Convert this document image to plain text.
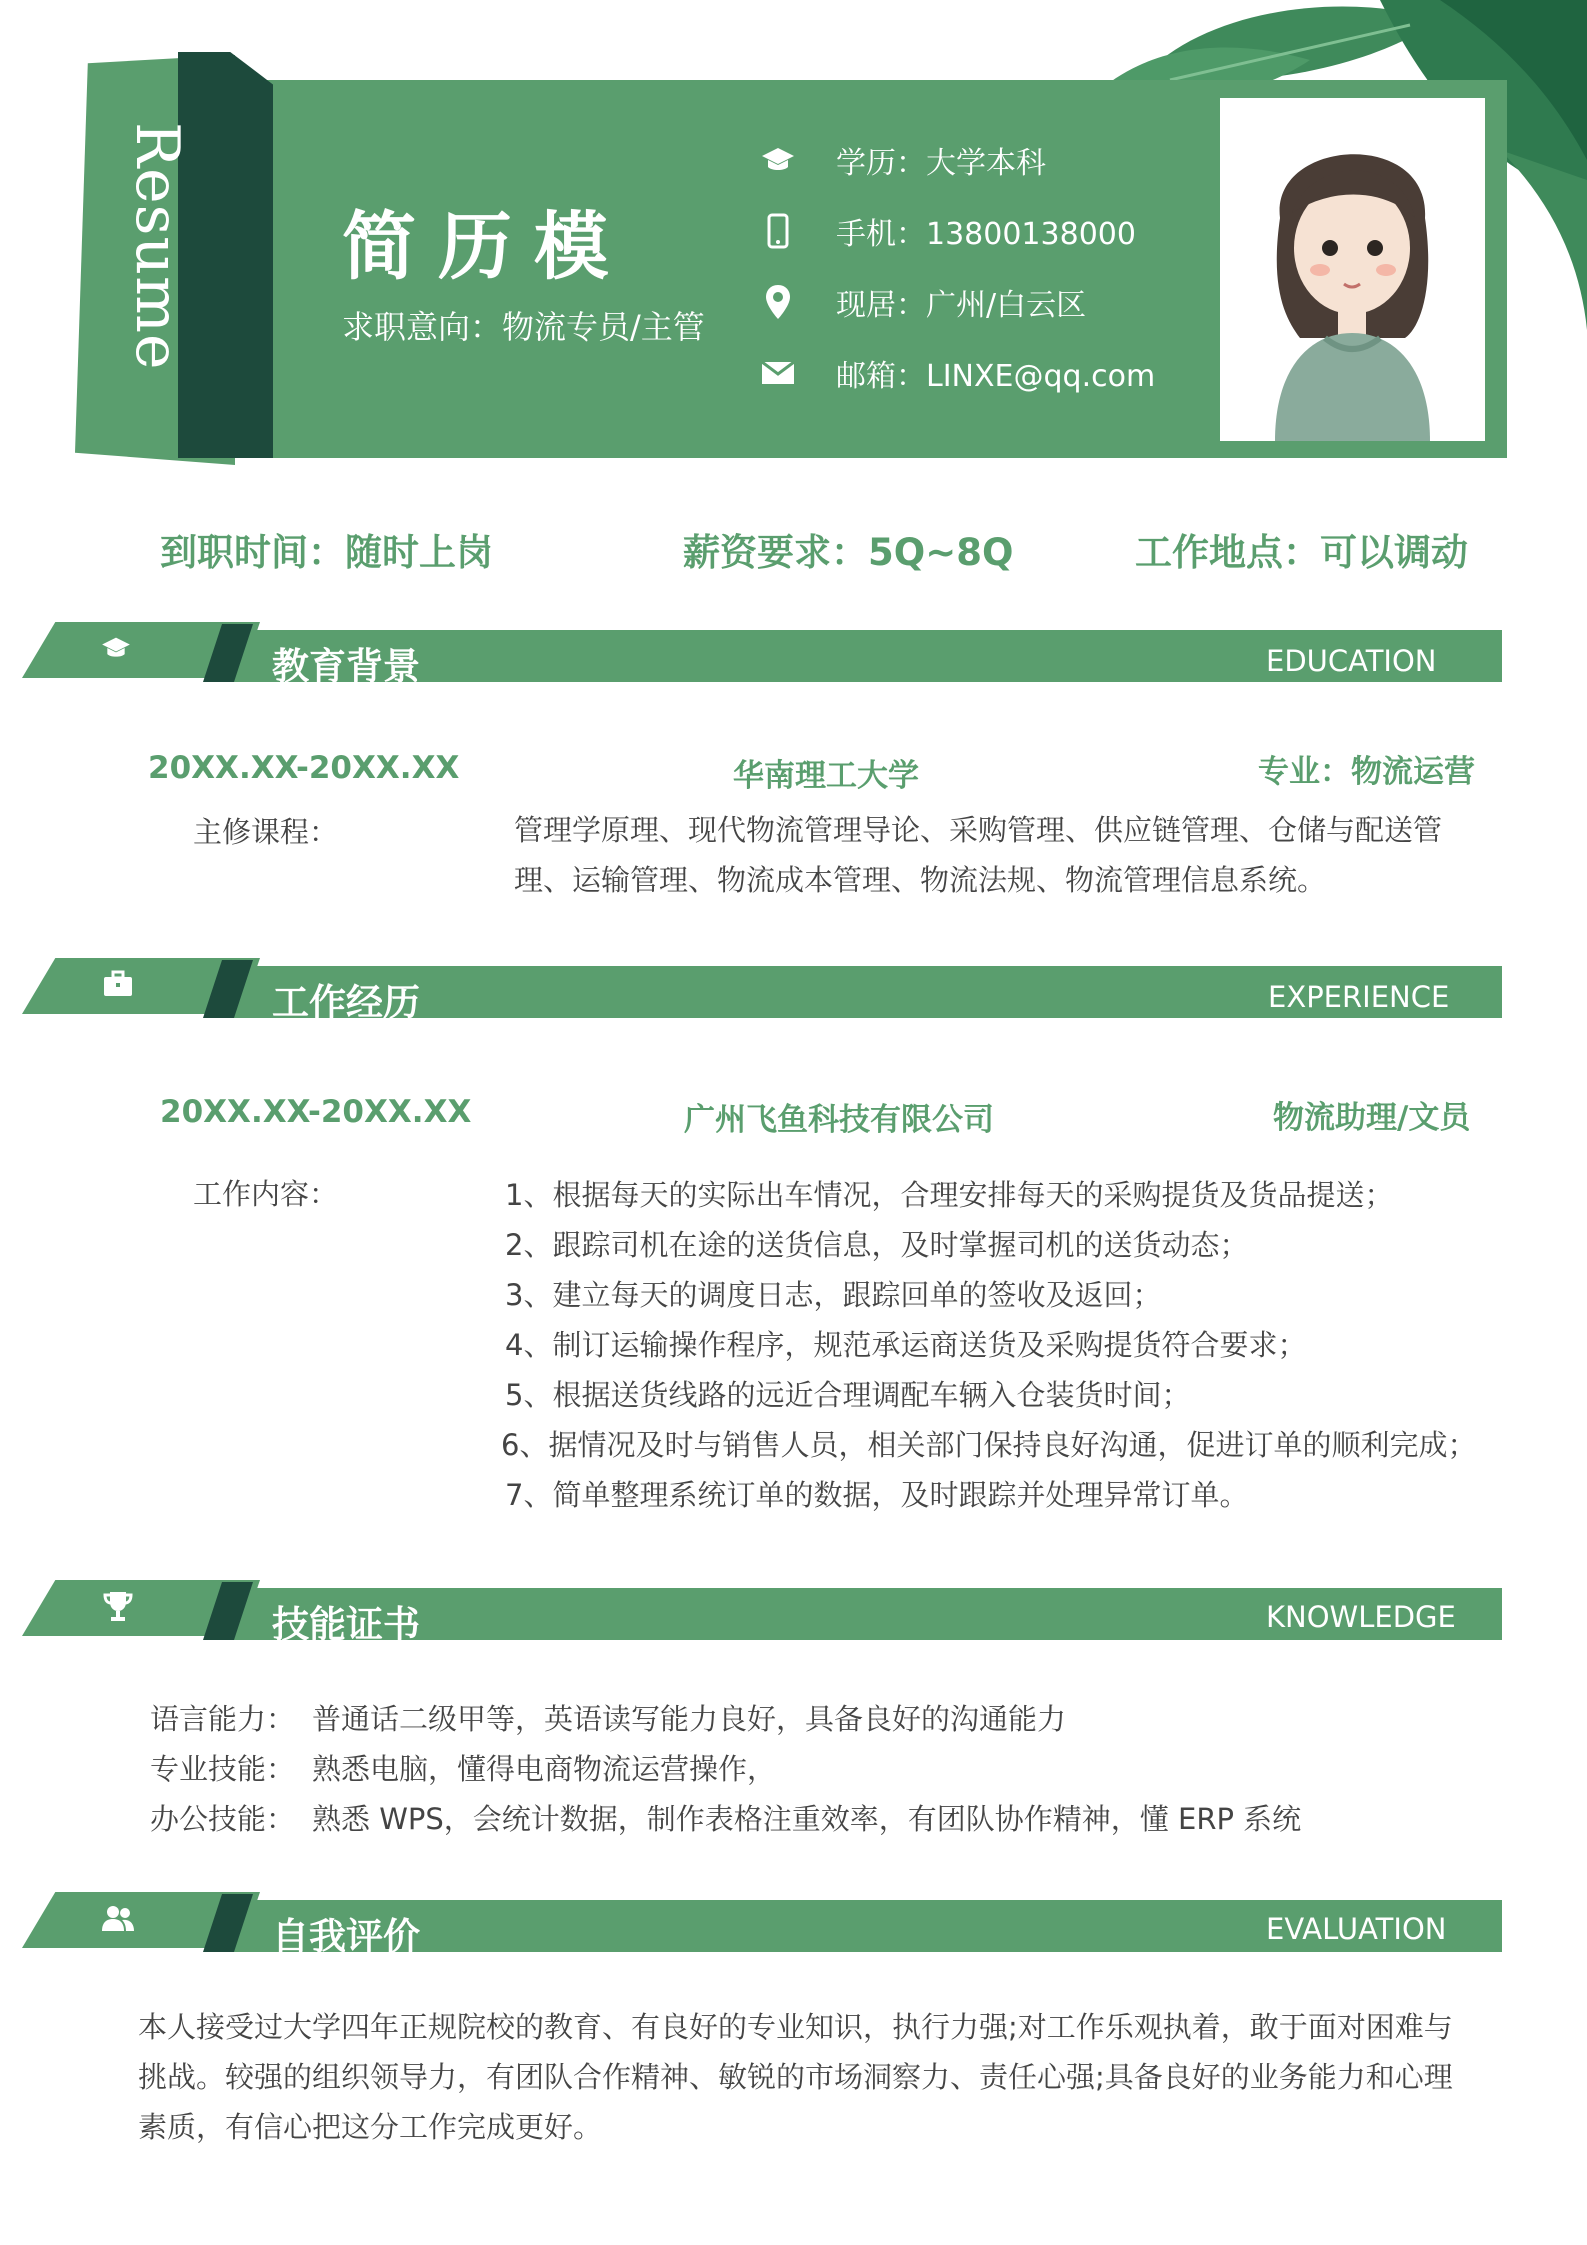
Resume 简历模
求职意向：物流专员/主管
学历：大学本科
手机：13800138000
现居：广州/白云区
邮箱：LINXE@qq.com
到职时间：随时上岗	薪资要求：5Q~8Q	工作地点：可以调动
教育背景	EDUCATION
20XX.XX-20XX.XX	华南理工大学	专业：物流运营
主修课程：	管理学原理、现代物流管理导论、采购管理、供应链管理、仓储与配送管理、运输管理、物流成本管理、物流法规、物流管理信息系统。
工作经历	EXPERIENCE
20XX.XX-20XX.XX	广州飞鱼科技有限公司	物流助理/文员
工作内容：	1、根据每天的实际出车情况，合理安排每天的采购提货及货品提送；
2、跟踪司机在途的送货信息，及时掌握司机的送货动态；
3、建立每天的调度日志，跟踪回单的签收及返回；
4、制订运输操作程序，规范承运商送货及采购提货符合要求；
5、根据送货线路的远近合理调配车辆入仓装货时间；
6、据情况及时与销售人员，相关部门保持良好沟通，促进订单的顺利完成；
7、简单整理系统订单的数据，及时跟踪并处理异常订单。
技能证书	KNOWLEDGE
语言能力： 普通话二级甲等，英语读写能力良好，具备良好的沟通能力
专业技能： 熟悉电脑，懂得电商物流运营操作，
办公技能： 熟悉 WPS，会统计数据，制作表格注重效率，有团队协作精神，懂 ERP 系统
自我评价	EVALUATION
本人接受过大学四年正规院校的教育、有良好的专业知识，执行力强;对工作乐观执着，敢于面对困难与挑战。较强的组织领导力，有团队合作精神、敏锐的市场洞察力、责任心强;具备良好的业务能力和心理素质，有信心把这分工作完成更好。
